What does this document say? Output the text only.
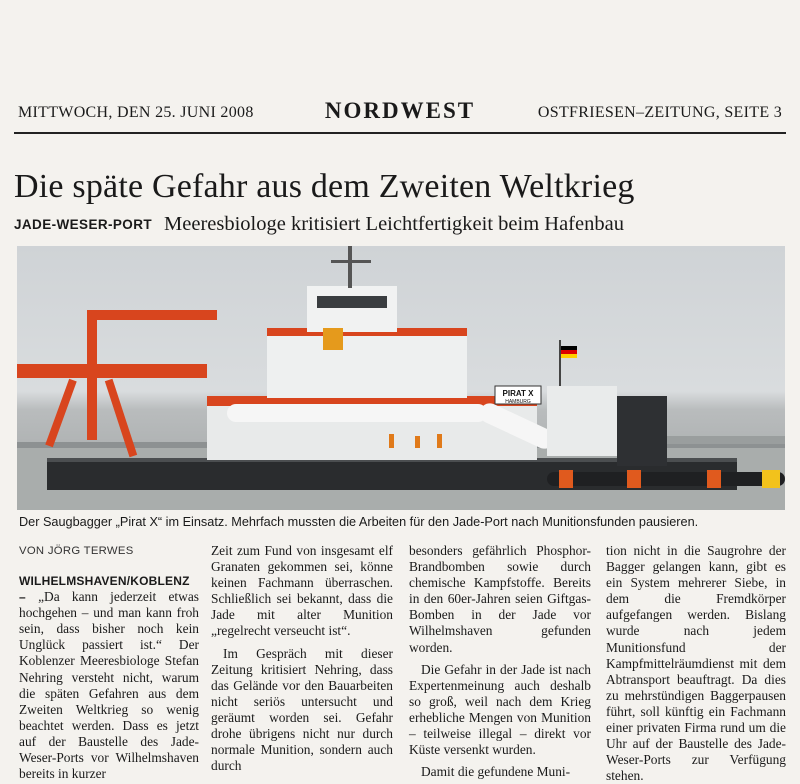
MITTWOCH, DEN 25. JUNI 2008	NORDWEST	OSTFRIESEN–ZEITUNG, SEITE 3
Die späte Gefahr aus dem Zweiten Weltkrieg
JADE-WESER-PORT Meeresbiologe kritisiert Leichtfertigkeit beim Hafenbau
PIRAT X
HAMBURG
Der Saugbagger „Pirat X“ im Einsatz. Mehrfach mussten die Arbeiten für den Jade-Port nach Munitionsfunden pausieren.
VON JÖRG TERWES

WILHELMSHAVEN/KOBLENZ – „Da kann jederzeit etwas hochgehen – und man kann froh sein, dass bisher noch kein Unglück passiert ist.“ Der Koblenzer Meeresbiologe Stefan Nehring versteht nicht, warum die späten Gefahren aus dem Zweiten Weltkrieg so wenig beachtet werden. Dass es jetzt auf der Baustelle des Jade-Weser-Ports vor Wilhelmshaven bereits in kurzer

Zeit zum Fund von insgesamt elf Granaten gekommen sei, könne keinen Fachmann überraschen. Schließlich sei bekannt, dass die Jade mit alter Munition „regelrecht verseucht ist“.

Im Gespräch mit dieser Zeitung kritisiert Nehring, dass das Gelände vor den Bauarbeiten nicht seriös untersucht und geräumt worden sei. Gefahr drohe übrigens nicht nur durch normale Munition, sondern auch durch

besonders gefährlich Phosphor-Brandbomben sowie durch chemische Kampfstoffe. Bereits in den 60er-Jahren seien Giftgas-Bomben in der Jade vor Wilhelmshaven gefunden worden.

Die Gefahr in der Jade ist nach Expertenmeinung auch deshalb so groß, weil nach dem Krieg erhebliche Mengen von Munition – teilweise illegal – direkt vor Küste versenkt wurden.

Damit die gefundene Muni-

tion nicht in die Saugrohre der Bagger gelangen kann, gibt es ein System mehrerer Siebe, in dem die Fremdkörper aufgefangen werden. Bislang wurde nach jedem Munitionsfund der Kampfmittelräumdienst mit dem Abtransport beauftragt. Da dies zu mehrstündigen Baggerpausen führt, soll künftig ein Fachmann einer privaten Firma rund um die Uhr auf der Baustelle des Jade-Weser-Ports zur Verfügung stehen.
